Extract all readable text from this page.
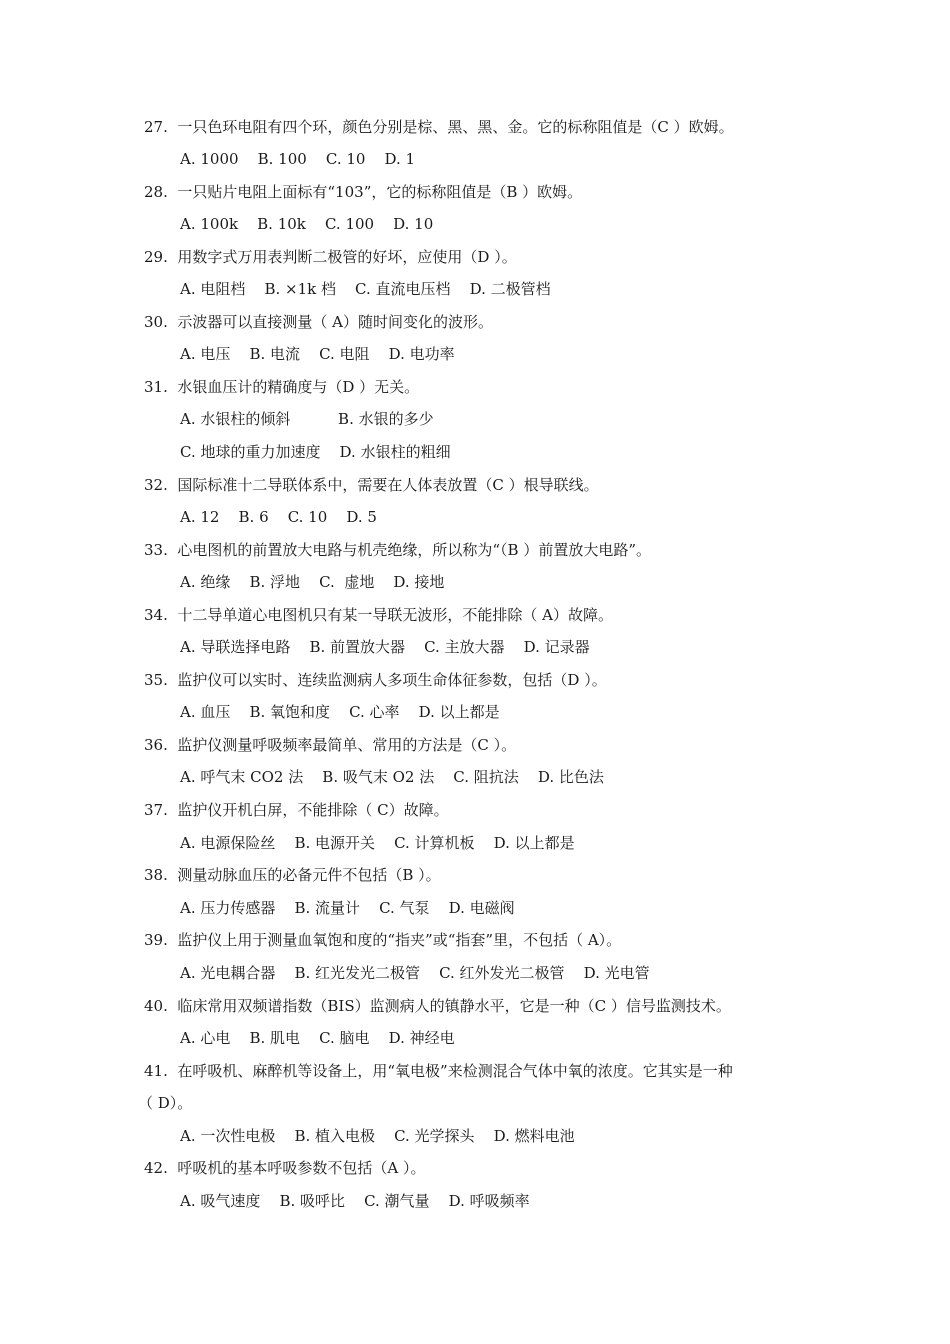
27.  一只色环电阻有四个环，颜色分别是棕、黑、黑、金。它的标称阻值是（C ）欧姆。
A. 1000    B. 100    C. 10    D. 1
28.  一只贴片电阻上面标有“103”，它的标称阻值是（B ）欧姆。
A. 100k    B. 10k    C. 100    D. 10
29.  用数字式万用表判断二极管的好坏，应使用（D ）。
A. 电阻档    B. ×1k 档    C. 直流电压档    D. 二极管档
30.  示波器可以直接测量（ A）随时间变化的波形。
A. 电压    B. 电流    C. 电阻    D. 电功率
31.  水银血压计的精确度与（D ）无关。
A. 水银柱的倾斜          B. 水银的多少
C. 地球的重力加速度    D. 水银柱的粗细
32.  国际标准十二导联体系中，需要在人体表放置（C ）根导联线。
A. 12    B. 6    C. 10    D. 5
33.  心电图机的前置放大电路与机壳绝缘，所以称为“（B ）前置放大电路”。
A. 绝缘    B. 浮地    C.  虚地    D. 接地
34.  十二导单道心电图机只有某一导联无波形，不能排除（ A）故障。
A. 导联选择电路    B. 前置放大器    C. 主放大器    D. 记录器
35.  监护仪可以实时、连续监测病人多项生命体征参数，包括（D ）。
A. 血压    B. 氧饱和度    C. 心率    D. 以上都是
36.  监护仪测量呼吸频率最简单、常用的方法是（C ）。
A. 呼气末 CO2 法    B. 吸气末 O2 法    C. 阻抗法    D. 比色法
37.  监护仪开机白屏，不能排除（ C）故障。
A. 电源保险丝    B. 电源开关    C. 计算机板    D. 以上都是
38.  测量动脉血压的必备元件不包括（B ）。
A. 压力传感器    B. 流量计    C. 气泵    D. 电磁阀
39.  监护仪上用于测量血氧饱和度的“指夹”或“指套”里，不包括（ A）。
A. 光电耦合器    B. 红光发光二极管    C. 红外发光二极管    D. 光电管
40.  临床常用双频谱指数（BIS）监测病人的镇静水平，它是一种（C ）信号监测技术。
A. 心电    B. 肌电    C. 脑电    D. 神经电
41.  在呼吸机、麻醉机等设备上，用“氧电极”来检测混合气体中氧的浓度。它其实是一种
（ D）。
A. 一次性电极    B. 植入电极    C. 光学探头    D. 燃料电池
42.  呼吸机的基本呼吸参数不包括（A ）。
A. 吸气速度    B. 吸呼比    C. 潮气量    D. 呼吸频率
